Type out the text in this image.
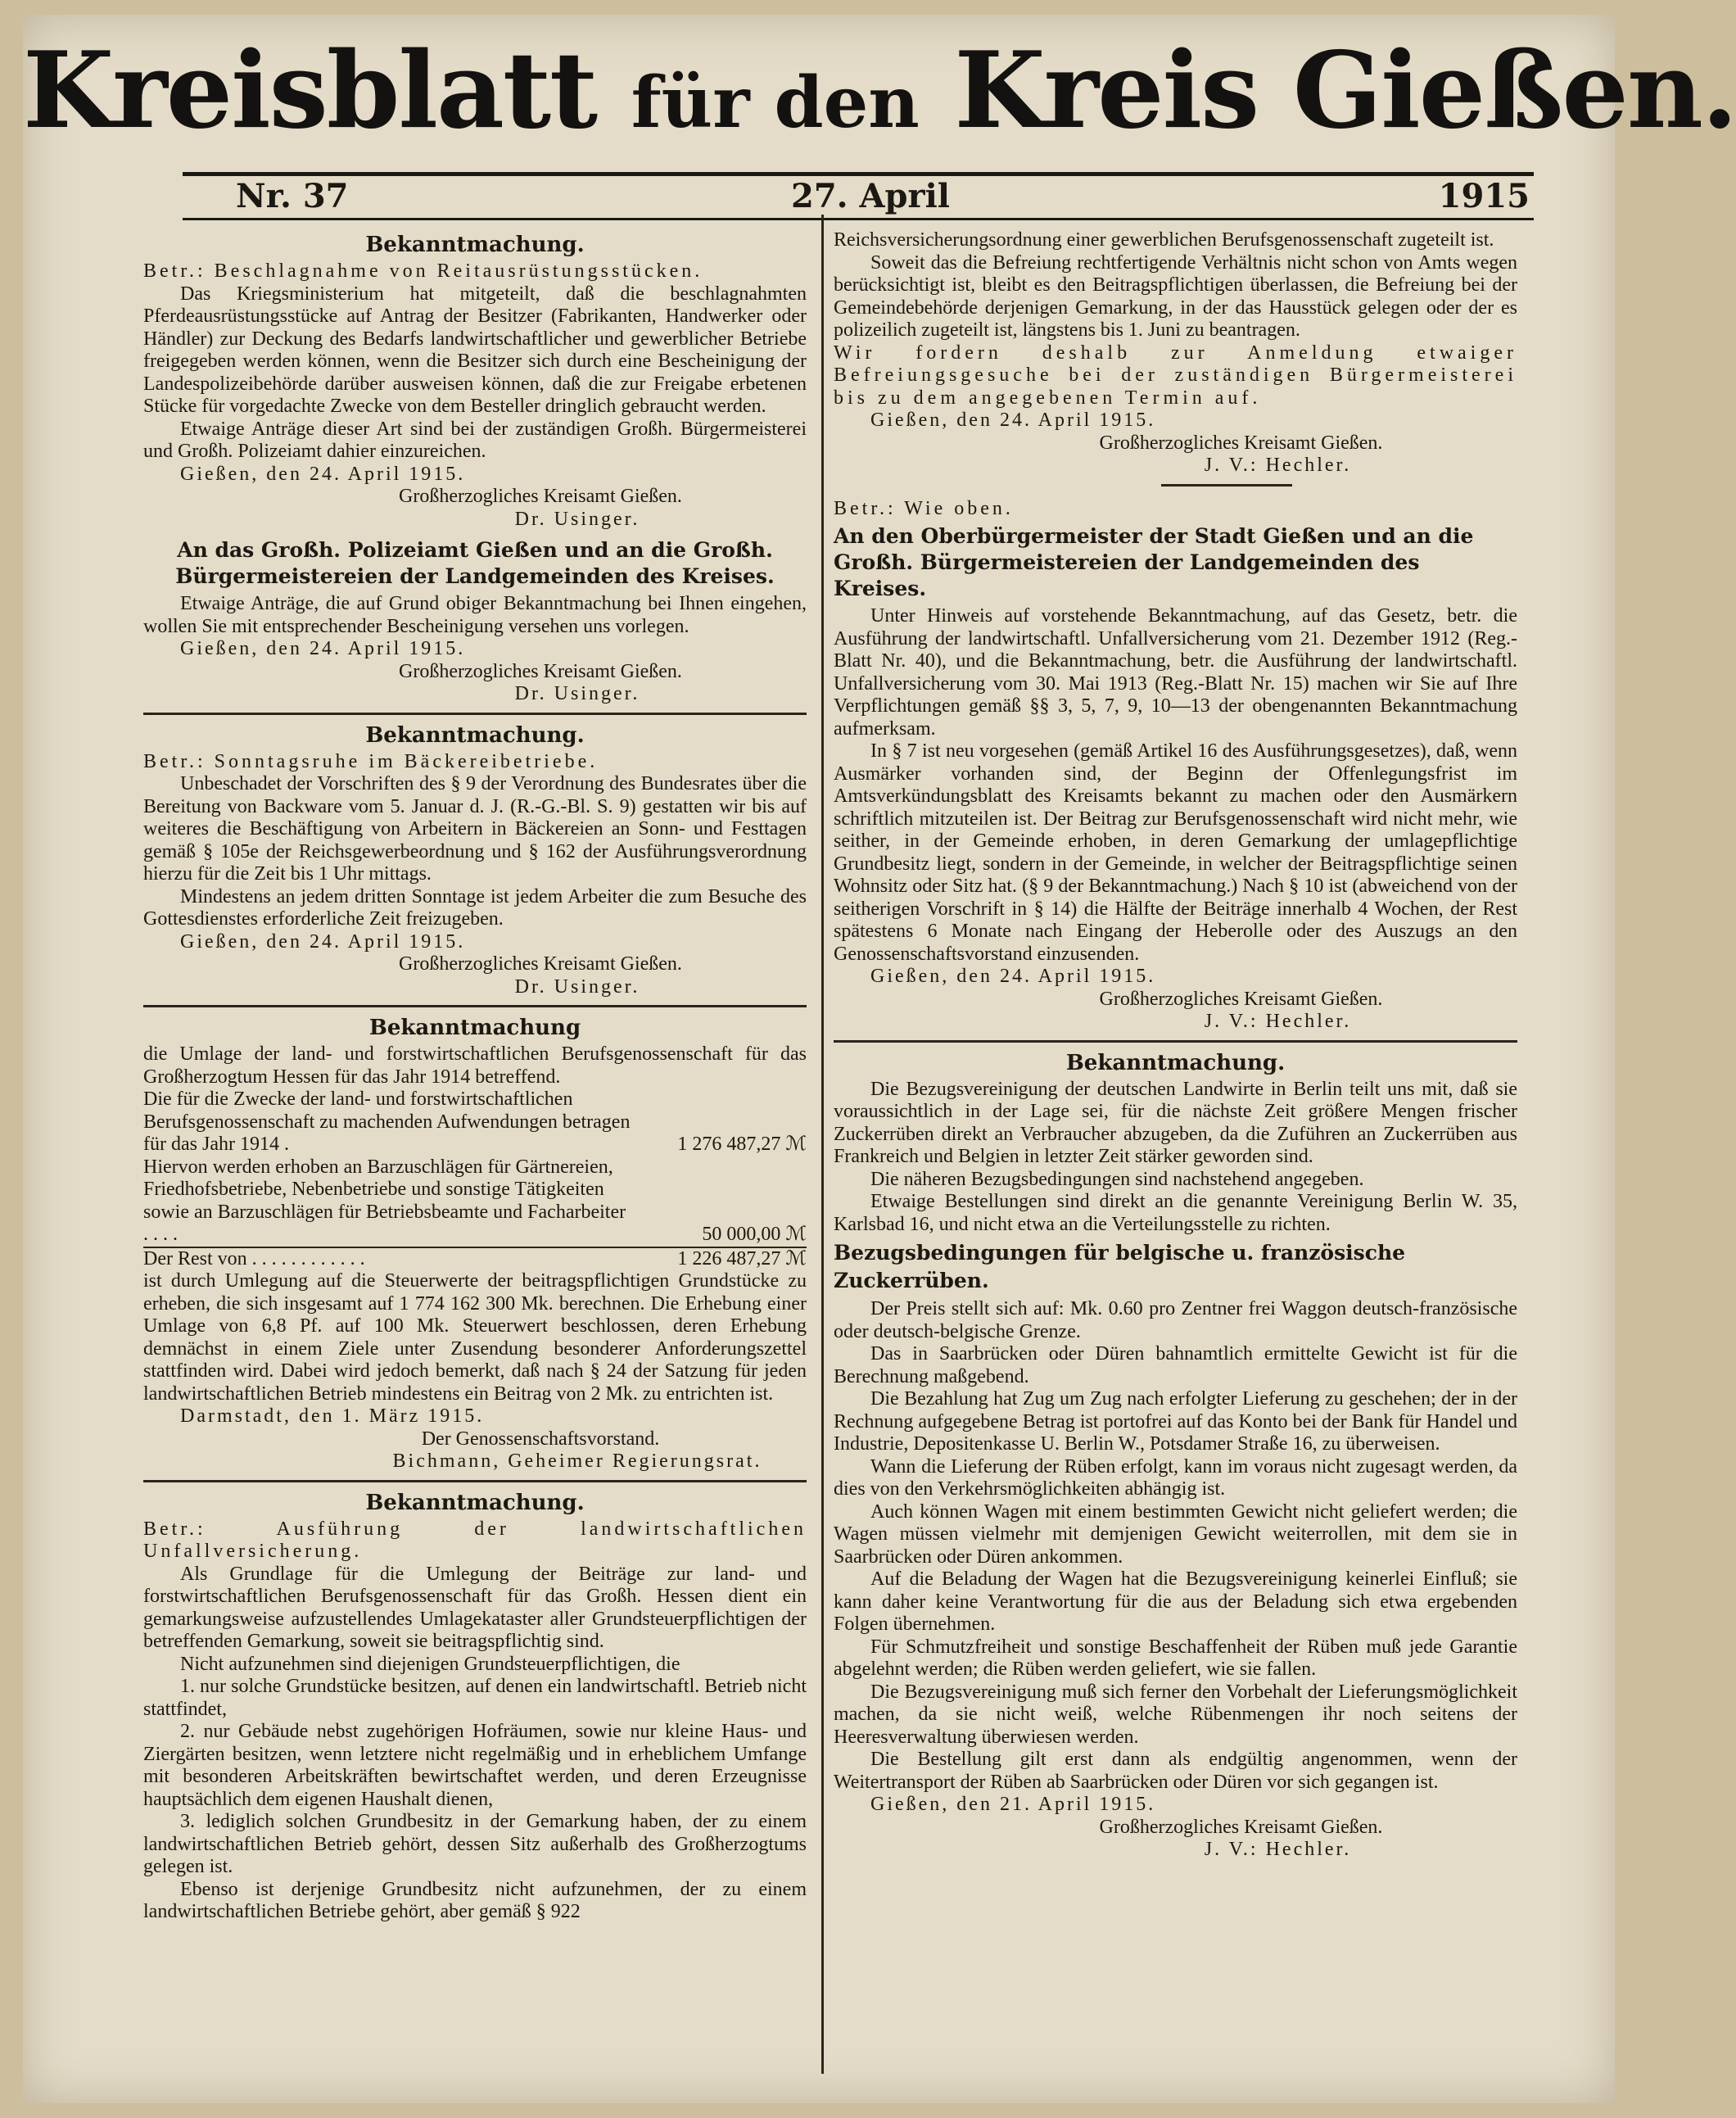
Kreisblatt für den Kreis Gießen.
Nr. 37	27. April	1915
Bekanntmachung.
Betr.: Beschlagnahme von Reitausrüstungsstücken.

Das Kriegsministerium hat mitgeteilt, daß die beschlagnahmten Pferdeausrüstungsstücke auf Antrag der Besitzer (Fabrikanten, Handwerker oder Händler) zur Deckung des Bedarfs landwirtschaftlicher und gewerblicher Betriebe freigegeben werden können, wenn die Besitzer sich durch eine Bescheinigung der Landespolizeibehörde darüber ausweisen können, daß die zur Freigabe erbetenen Stücke für vorgedachte Zwecke von dem Besteller dringlich gebraucht werden.

Etwaige Anträge dieser Art sind bei der zuständigen Großh. Bürgermeisterei und Großh. Polizeiamt dahier einzureichen.

Gießen, den 24. April 1915.
Großherzogliches Kreisamt Gießen.
Dr. Usinger.
An das Großh. Polizeiamt Gießen und an die Großh. Bürgermeistereien der Landgemeinden des Kreises.

Etwaige Anträge, die auf Grund obiger Bekanntmachung bei Ihnen eingehen, wollen Sie mit entsprechender Bescheinigung versehen uns vorlegen.

Gießen, den 24. April 1915.
Großherzogliches Kreisamt Gießen.
Dr. Usinger.
Bekanntmachung.
Betr.: Sonntagsruhe im Bäckereibetriebe.

Unbeschadet der Vorschriften des § 9 der Verordnung des Bundesrates über die Bereitung von Backware vom 5. Januar d. J. (R.-G.-Bl. S. 9) gestatten wir bis auf weiteres die Beschäftigung von Arbeitern in Bäckereien an Sonn- und Festtagen gemäß § 105e der Reichsgewerbeordnung und § 162 der Ausführungsverordnung hierzu für die Zeit bis 1 Uhr mittags.

Mindestens an jedem dritten Sonntage ist jedem Arbeiter die zum Besuche des Gottesdienstes erforderliche Zeit freizugeben.

Gießen, den 24. April 1915.
Großherzogliches Kreisamt Gießen.
Dr. Usinger.
Bekanntmachung

die Umlage der land- und forstwirtschaftlichen Berufsgenossenschaft für das Großherzogtum Hessen für das Jahr 1914 betreffend.

Die für die Zwecke der land- und forstwirtschaftlichen Berufsgenossenschaft zu machenden Aufwendungen betragen für das Jahr 1914 .	1 276 487,27 ℳ
Hiervon werden erhoben an Barzuschlägen für Gärtnereien, Friedhofsbetriebe, Nebenbetriebe und sonstige Tätigkeiten sowie an Barzuschlägen für Betriebsbeamte und Facharbeiter . . . .	50 000,00 ℳ
Der Rest von . . . . . . . . . . . .	1 226 487,27 ℳ

ist durch Umlegung auf die Steuerwerte der beitragspflichtigen Grundstücke zu erheben, die sich insgesamt auf 1 774 162 300 Mk. berechnen. Die Erhebung einer Umlage von 6,8 Pf. auf 100 Mk. Steuerwert beschlossen, deren Erhebung demnächst in einem Ziele unter Zusendung besonderer Anforderungszettel stattfinden wird. Dabei wird jedoch bemerkt, daß nach § 24 der Satzung für jeden landwirtschaftlichen Betrieb mindestens ein Beitrag von 2 Mk. zu entrichten ist.

Darmstadt, den 1. März 1915.
Der Genossenschaftsvorstand.
Bichmann, Geheimer Regierungsrat.
Bekanntmachung.
Betr.: Ausführung der landwirtschaftlichen Unfallversicherung.

Als Grundlage für die Umlegung der Beiträge zur land- und forstwirtschaftlichen Berufsgenossenschaft für das Großh. Hessen dient ein gemarkungsweise aufzustellendes Umlagekataster aller Grundsteuerpflichtigen der betreffenden Gemarkung, soweit sie beitragspflichtig sind.

Nicht aufzunehmen sind diejenigen Grundsteuerpflichtigen, die

1. nur solche Grundstücke besitzen, auf denen ein landwirtschaftl. Betrieb nicht stattfindet,

2. nur Gebäude nebst zugehörigen Hofräumen, sowie nur kleine Haus- und Ziergärten besitzen, wenn letztere nicht regelmäßig und in erheblichem Umfange mit besonderen Arbeitskräften bewirtschaftet werden, und deren Erzeugnisse hauptsächlich dem eigenen Haushalt dienen,

3. lediglich solchen Grundbesitz in der Gemarkung haben, der zu einem landwirtschaftlichen Betrieb gehört, dessen Sitz außerhalb des Großherzogtums gelegen ist.

Ebenso ist derjenige Grundbesitz nicht aufzunehmen, der zu einem landwirtschaftlichen Betriebe gehört, aber gemäß § 922

Reichsversicherungsordnung einer gewerblichen Berufsgenossenschaft zugeteilt ist.

Soweit das die Befreiung rechtfertigende Verhältnis nicht schon von Amts wegen berücksichtigt ist, bleibt es den Beitragspflichtigen überlassen, die Befreiung bei der Gemeindebehörde derjenigen Gemarkung, in der das Hausstück gelegen oder der es polizeilich zugeteilt ist, längstens bis 1. Juni zu beantragen.

Wir fordern deshalb zur Anmeldung etwaiger Befreiungsgesuche bei der zuständigen Bürgermeisterei bis zu dem angegebenen Termin auf.

Gießen, den 24. April 1915.
Großherzogliches Kreisamt Gießen.
J. V.: Hechler.
Betr.: Wie oben.
An den Oberbürgermeister der Stadt Gießen und an die Großh. Bürgermeistereien der Landgemeinden des Kreises.

Unter Hinweis auf vorstehende Bekanntmachung, auf das Gesetz, betr. die Ausführung der landwirtschaftl. Unfallversicherung vom 21. Dezember 1912 (Reg.-Blatt Nr. 40), und die Bekanntmachung, betr. die Ausführung der landwirtschaftl. Unfallversicherung vom 30. Mai 1913 (Reg.-Blatt Nr. 15) machen wir Sie auf Ihre Verpflichtungen gemäß §§ 3, 5, 7, 9, 10—13 der obengenannten Bekanntmachung aufmerksam.

In § 7 ist neu vorgesehen (gemäß Artikel 16 des Ausführungsgesetzes), daß, wenn Ausmärker vorhanden sind, der Beginn der Offenlegungsfrist im Amtsverkündungsblatt des Kreisamts bekannt zu machen oder den Ausmärkern schriftlich mitzuteilen ist. Der Beitrag zur Berufsgenossenschaft wird nicht mehr, wie seither, in der Gemeinde erhoben, in deren Gemarkung der umlagepflichtige Grundbesitz liegt, sondern in der Gemeinde, in welcher der Beitragspflichtige seinen Wohnsitz oder Sitz hat. (§ 9 der Bekanntmachung.) Nach § 10 ist (abweichend von der seitherigen Vorschrift in § 14) die Hälfte der Beiträge innerhalb 4 Wochen, der Rest spätestens 6 Monate nach Eingang der Heberolle oder des Auszugs an den Genossenschaftsvorstand einzusenden.

Gießen, den 24. April 1915.
Großherzogliches Kreisamt Gießen.
J. V.: Hechler.
Bekanntmachung.

Die Bezugsvereinigung der deutschen Landwirte in Berlin teilt uns mit, daß sie voraussichtlich in der Lage sei, für die nächste Zeit größere Mengen frischer Zuckerrüben direkt an Verbraucher abzugeben, da die Zuführen an Zuckerrüben aus Frankreich und Belgien in letzter Zeit stärker geworden sind.

Die näheren Bezugsbedingungen sind nachstehend angegeben.

Etwaige Bestellungen sind direkt an die genannte Vereinigung Berlin W. 35, Karlsbad 16, und nicht etwa an die Verteilungsstelle zu richten.

Bezugsbedingungen für belgische u. französische Zuckerrüben.

Der Preis stellt sich auf: Mk. 0.60 pro Zentner frei Waggon deutsch-französische oder deutsch-belgische Grenze.

Das in Saarbrücken oder Düren bahnamtlich ermittelte Gewicht ist für die Berechnung maßgebend.

Die Bezahlung hat Zug um Zug nach erfolgter Lieferung zu geschehen; der in der Rechnung aufgegebene Betrag ist portofrei auf das Konto bei der Bank für Handel und Industrie, Depositenkasse U. Berlin W., Potsdamer Straße 16, zu überweisen.

Wann die Lieferung der Rüben erfolgt, kann im voraus nicht zugesagt werden, da dies von den Verkehrsmöglichkeiten abhängig ist.

Auch können Wagen mit einem bestimmten Gewicht nicht geliefert werden; die Wagen müssen vielmehr mit demjenigen Gewicht weiterrollen, mit dem sie in Saarbrücken oder Düren ankommen.

Auf die Beladung der Wagen hat die Bezugsvereinigung keinerlei Einfluß; sie kann daher keine Verantwortung für die aus der Beladung sich etwa ergebenden Folgen übernehmen.

Für Schmutzfreiheit und sonstige Beschaffenheit der Rüben muß jede Garantie abgelehnt werden; die Rüben werden geliefert, wie sie fallen.

Die Bezugsvereinigung muß sich ferner den Vorbehalt der Lieferungsmöglichkeit machen, da sie nicht weiß, welche Rübenmengen ihr noch seitens der Heeresverwaltung überwiesen werden.

Die Bestellung gilt erst dann als endgültig angenommen, wenn der Weitertransport der Rüben ab Saarbrücken oder Düren vor sich gegangen ist.

Gießen, den 21. April 1915.
Großherzogliches Kreisamt Gießen.
J. V.: Hechler.
